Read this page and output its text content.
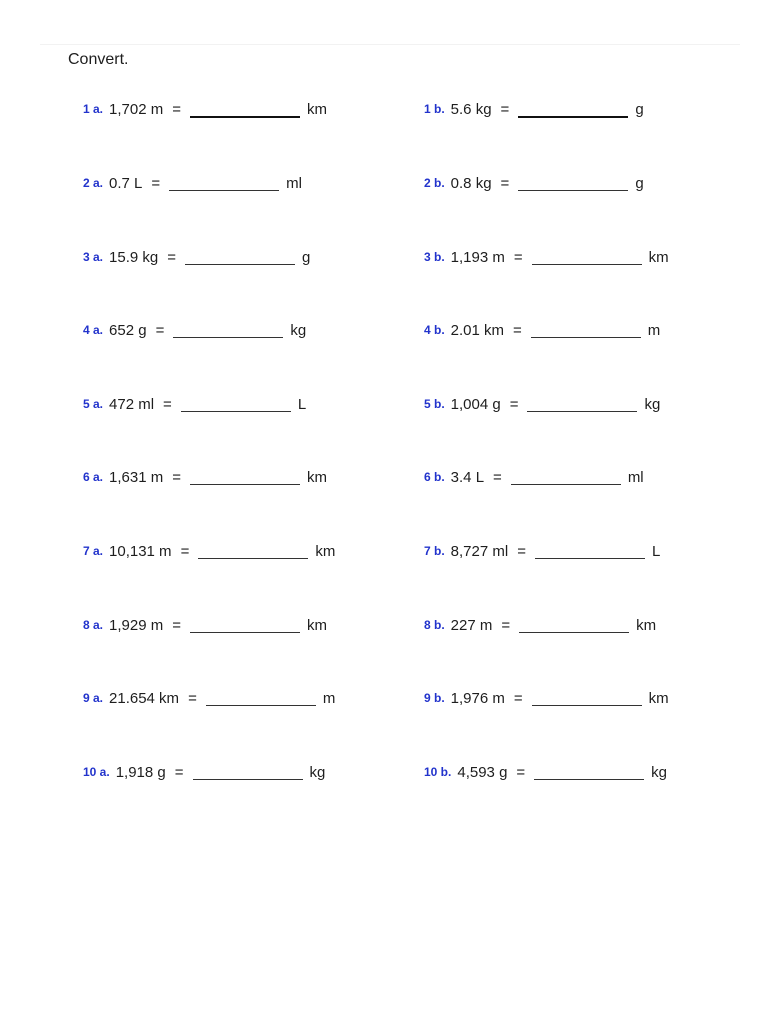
Convert.
1 a. 1,702 m =	km	1 b. 5.6 kg =	g
2 a. 0.7 L =	ml	2 b. 0.8 kg =	g
3 a. 15.9 kg =	g	3 b. 1,193 m =	km
4 a. 652 g =	kg	4 b. 2.01 km =	m
5 a. 472 ml =	L	5 b. 1,004 g =	kg
6 a. 1,631 m =	km	6 b. 3.4 L =	ml
7 a. 10,131 m =	km	7 b. 8,727 ml =	L
8 a. 1,929 m =	km	8 b. 227 m =	km
9 a. 21.654 km =	m	9 b. 1,976 m =	km
10 a. 1,918 g =	kg	10 b. 4,593 g =	kg
